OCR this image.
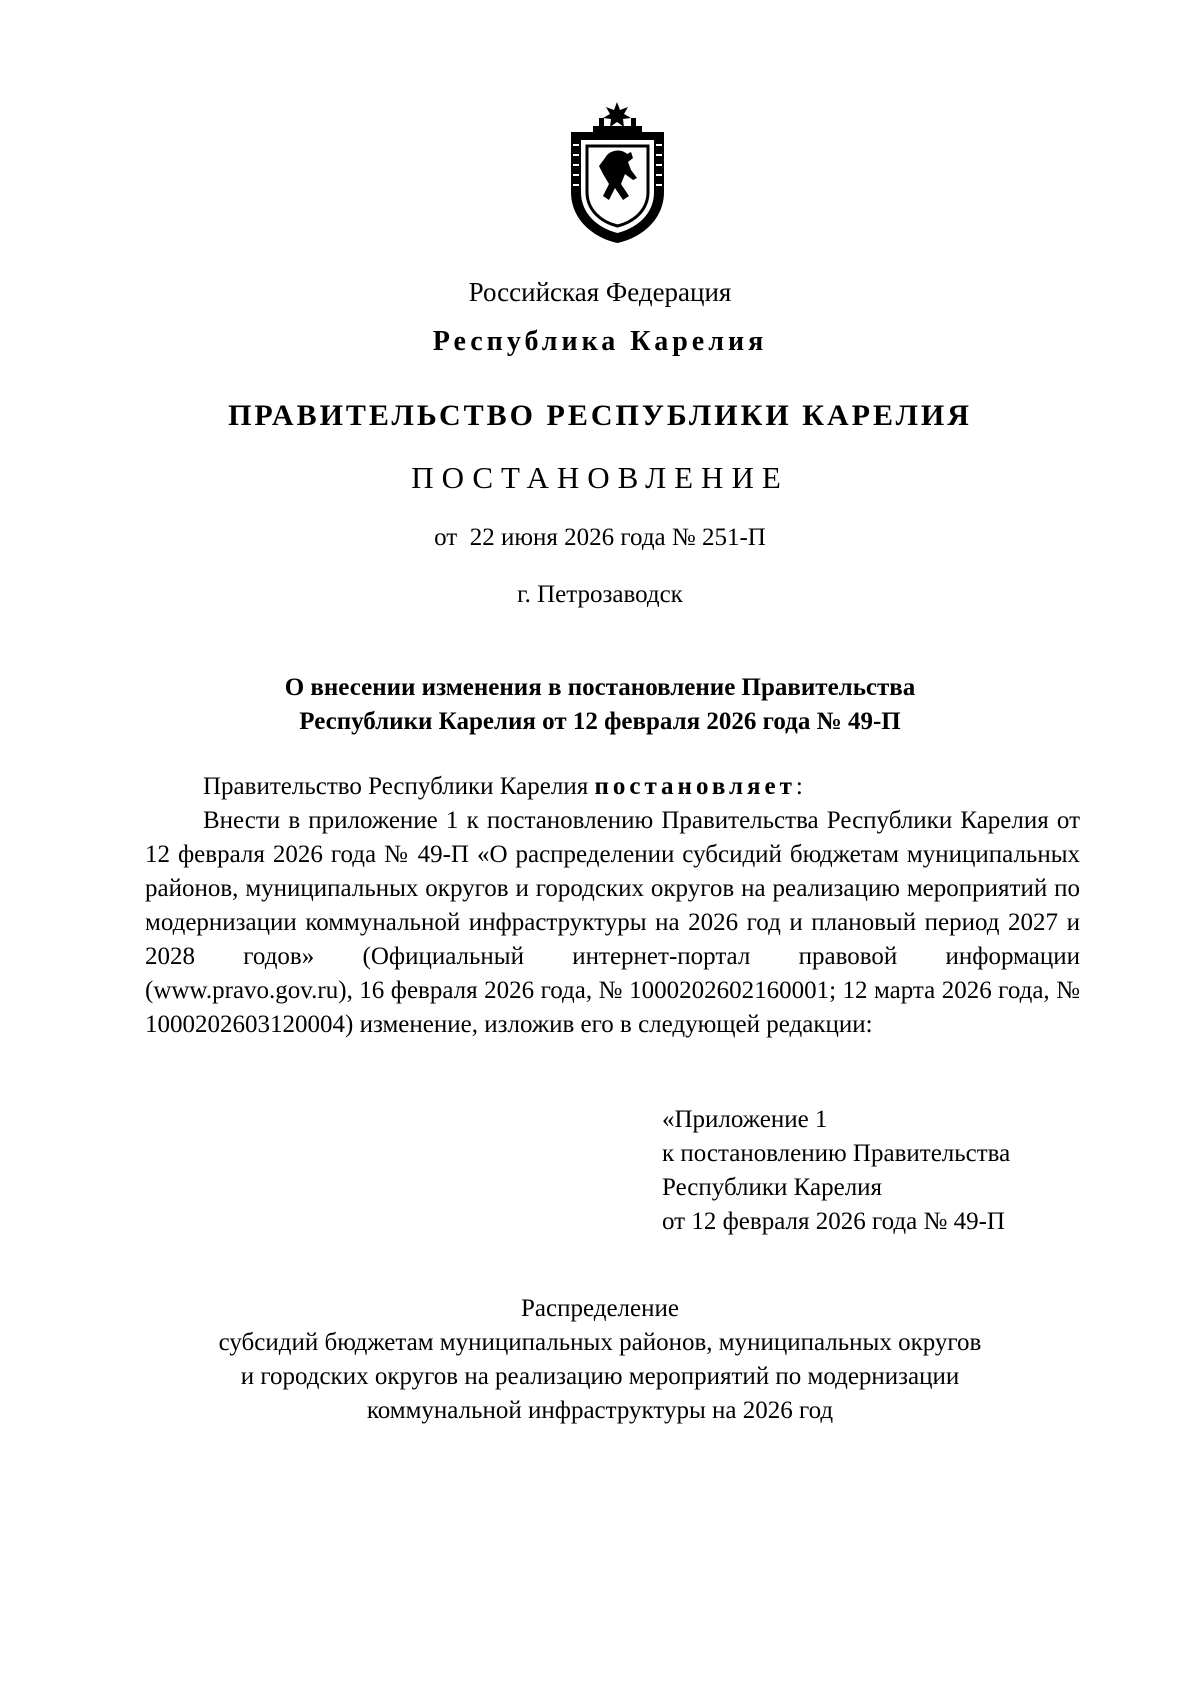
Российская Федерация
Республика Карелия
ПРАВИТЕЛЬСТВО РЕСПУБЛИКИ КАРЕЛИЯ
ПОСТАНОВЛЕНИЕ
от  22 июня 2026 года № 251-П
г. Петрозаводск
О внесении изменения в постановление Правительства
Республики Карелия от 12 февраля 2026 года № 49-П
Правительство Республики Карелия постановляет:
Внести в приложение 1 к постановлению Правительства Республики Карелия от 12 февраля 2026 года № 49-П «О распределении субсидий бюджетам муниципальных районов, муниципальных округов и городских округов на реализацию мероприятий по модернизации коммунальной инфраструктуры на 2026 год и плановый период 2027 и 2028 годов» (Официальный интернет-портал правовой информации (www.pravo.gov.ru), 16 февраля 2026 года, № 1000202602160001; 12 марта 2026 года, № 1000202603120004) изменение, изложив его в следующей редакции:
«Приложение 1
к постановлению Правительства
Республики Карелия
от 12 февраля 2026 года № 49-П
Распределение
субсидий бюджетам муниципальных районов, муниципальных округов
и городских округов на реализацию мероприятий по модернизации
коммунальной инфраструктуры на 2026 год
